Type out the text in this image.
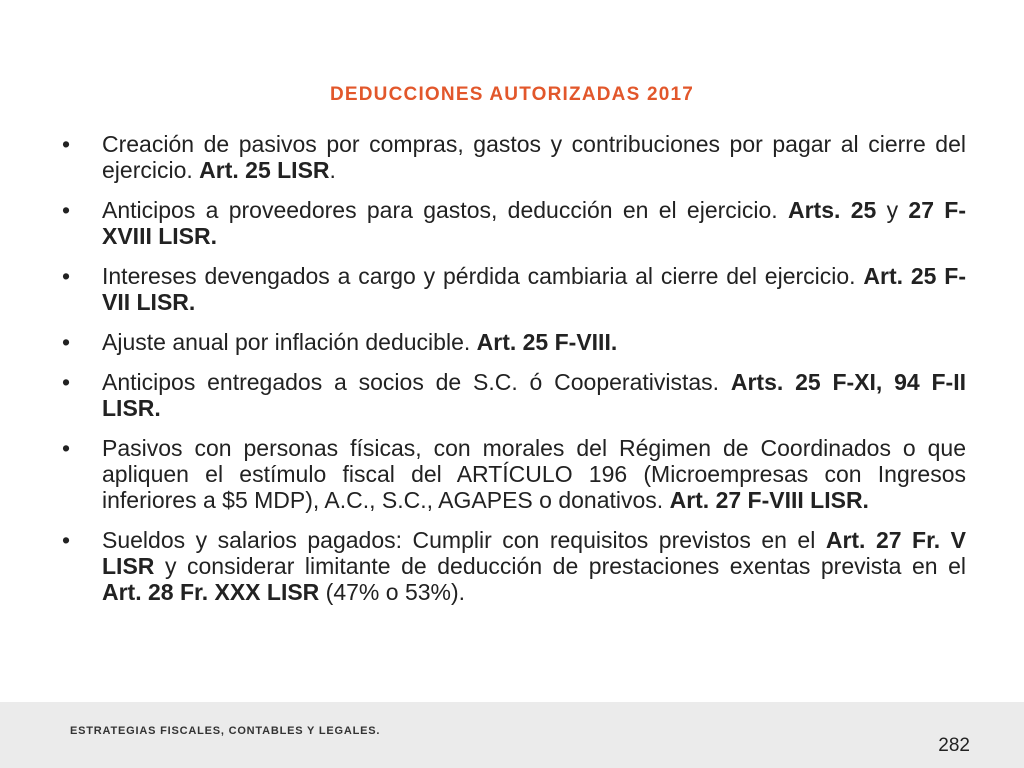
DEDUCCIONES AUTORIZADAS 2017
• Creación de pasivos por compras, gastos y contribuciones por pagar al cierre del ejercicio. Art. 25 LISR.
• Anticipos a proveedores para gastos, deducción en el ejercicio. Arts. 25 y 27 F- XVIII LISR.
• Intereses devengados a cargo y pérdida cambiaria al cierre del ejercicio. Art. 25 F-VII LISR.
• Ajuste anual por inflación deducible. Art. 25 F-VIII.
• Anticipos entregados a socios de S.C. ó Cooperativistas. Arts. 25 F-XI, 94 F-II LISR.
• Pasivos con personas físicas, con morales del Régimen de Coordinados o que apliquen el estímulo fiscal del ARTÍCULO 196 (Microempresas con Ingresos inferiores a $5 MDP), A.C., S.C., AGAPES o donativos. Art. 27 F-VIII LISR.
• Sueldos y salarios pagados: Cumplir con requisitos previstos en el Art. 27 Fr. V LISR y considerar limitante de deducción de prestaciones exentas prevista en el Art. 28 Fr. XXX LISR (47% o 53%).
ESTRATEGIAS FISCALES, CONTABLES Y LEGALES.
282
